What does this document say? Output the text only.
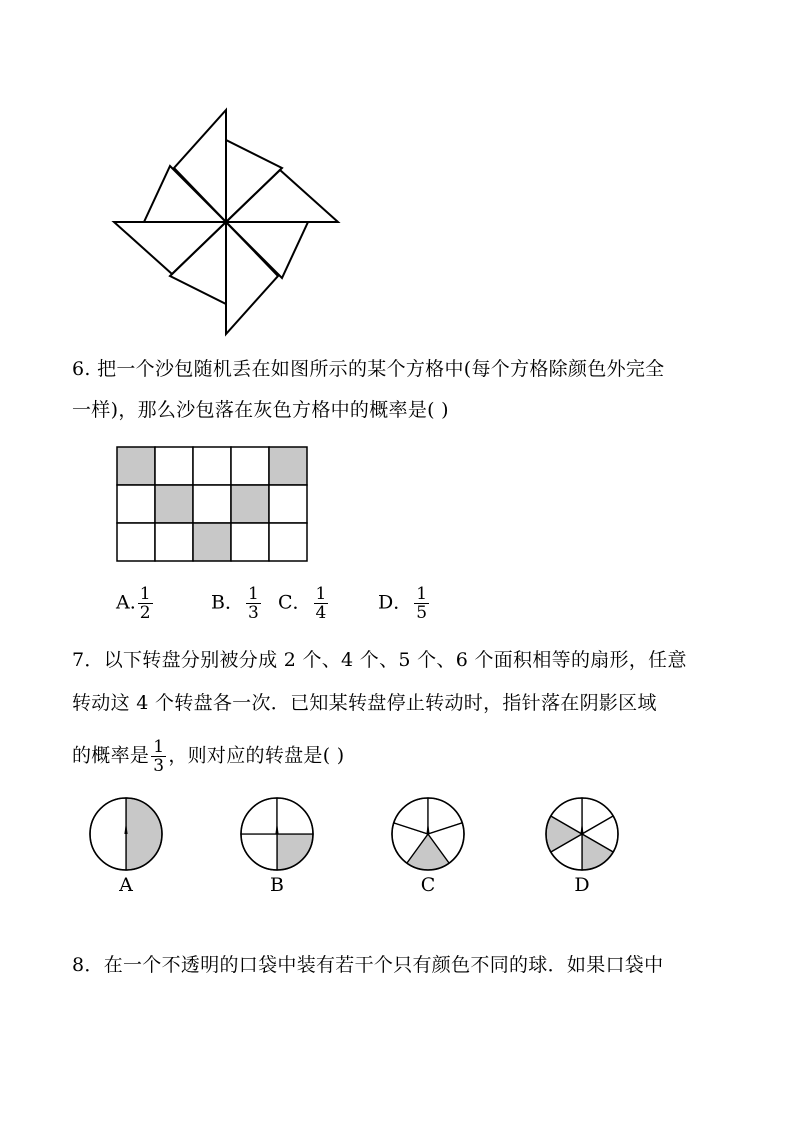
6. 把一个沙包随机丢在如图所示的某个方格中(每个方格除颜色外完全
一样)，那么沙包落在灰色方格中的概率是( )
A. $\frac{1}{2}$	B． $\frac{1}{3}$ C． $\frac{1}{4}$	D． $\frac{1}{5}$
7．以下转盘分别被分成 2 个、4 个、5 个、6 个面积相等的扇形，任意
转动这 4 个转盘各一次．已知某转盘停止转动时，指针落在阴影区域
的概率是 $\frac{1}{3}$ ，则对应的转盘是( )
A	B	C	D
8．在一个不透明的口袋中装有若干个只有颜色不同的球．如果口袋中
